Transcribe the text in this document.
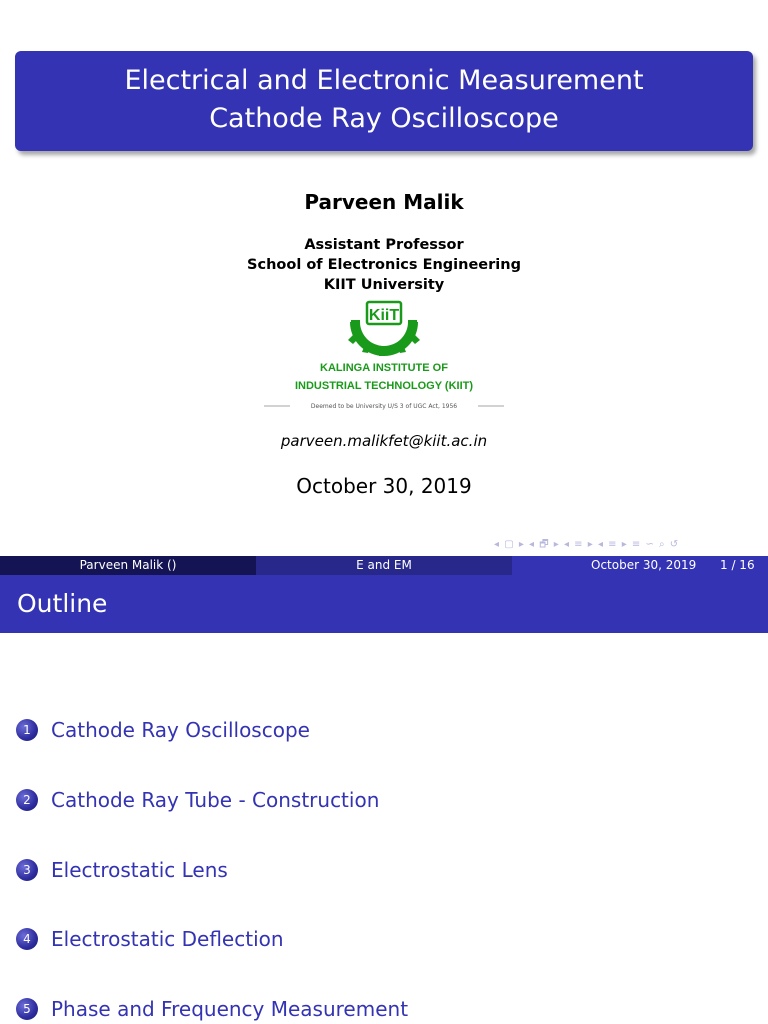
Electrical and Electronic Measurement
Cathode Ray Oscilloscope
Parveen Malik
Assistant Professor
School of Electronics Engineering
KIIT University
KiiT
KALINGA INSTITUTE OF
INDUSTRIAL TECHNOLOGY (KIIT)
Deemed to be University U/S 3 of UGC Act, 1956
parveen.malikfet@kiit.ac.in
October 30, 2019
◂ ▢ ▸ ◂ 🗗 ▸ ◂ ≡ ▸ ◂ ≡ ▸ ≡ ∽ ⌕ ↺
Parveen Malik ()	E and EM	October 30, 2019 1 / 16
Outline
1	Cathode Ray Oscilloscope
2	Cathode Ray Tube - Construction
3	Electrostatic Lens
4	Electrostatic Deflection
5	Phase and Frequency Measurement
